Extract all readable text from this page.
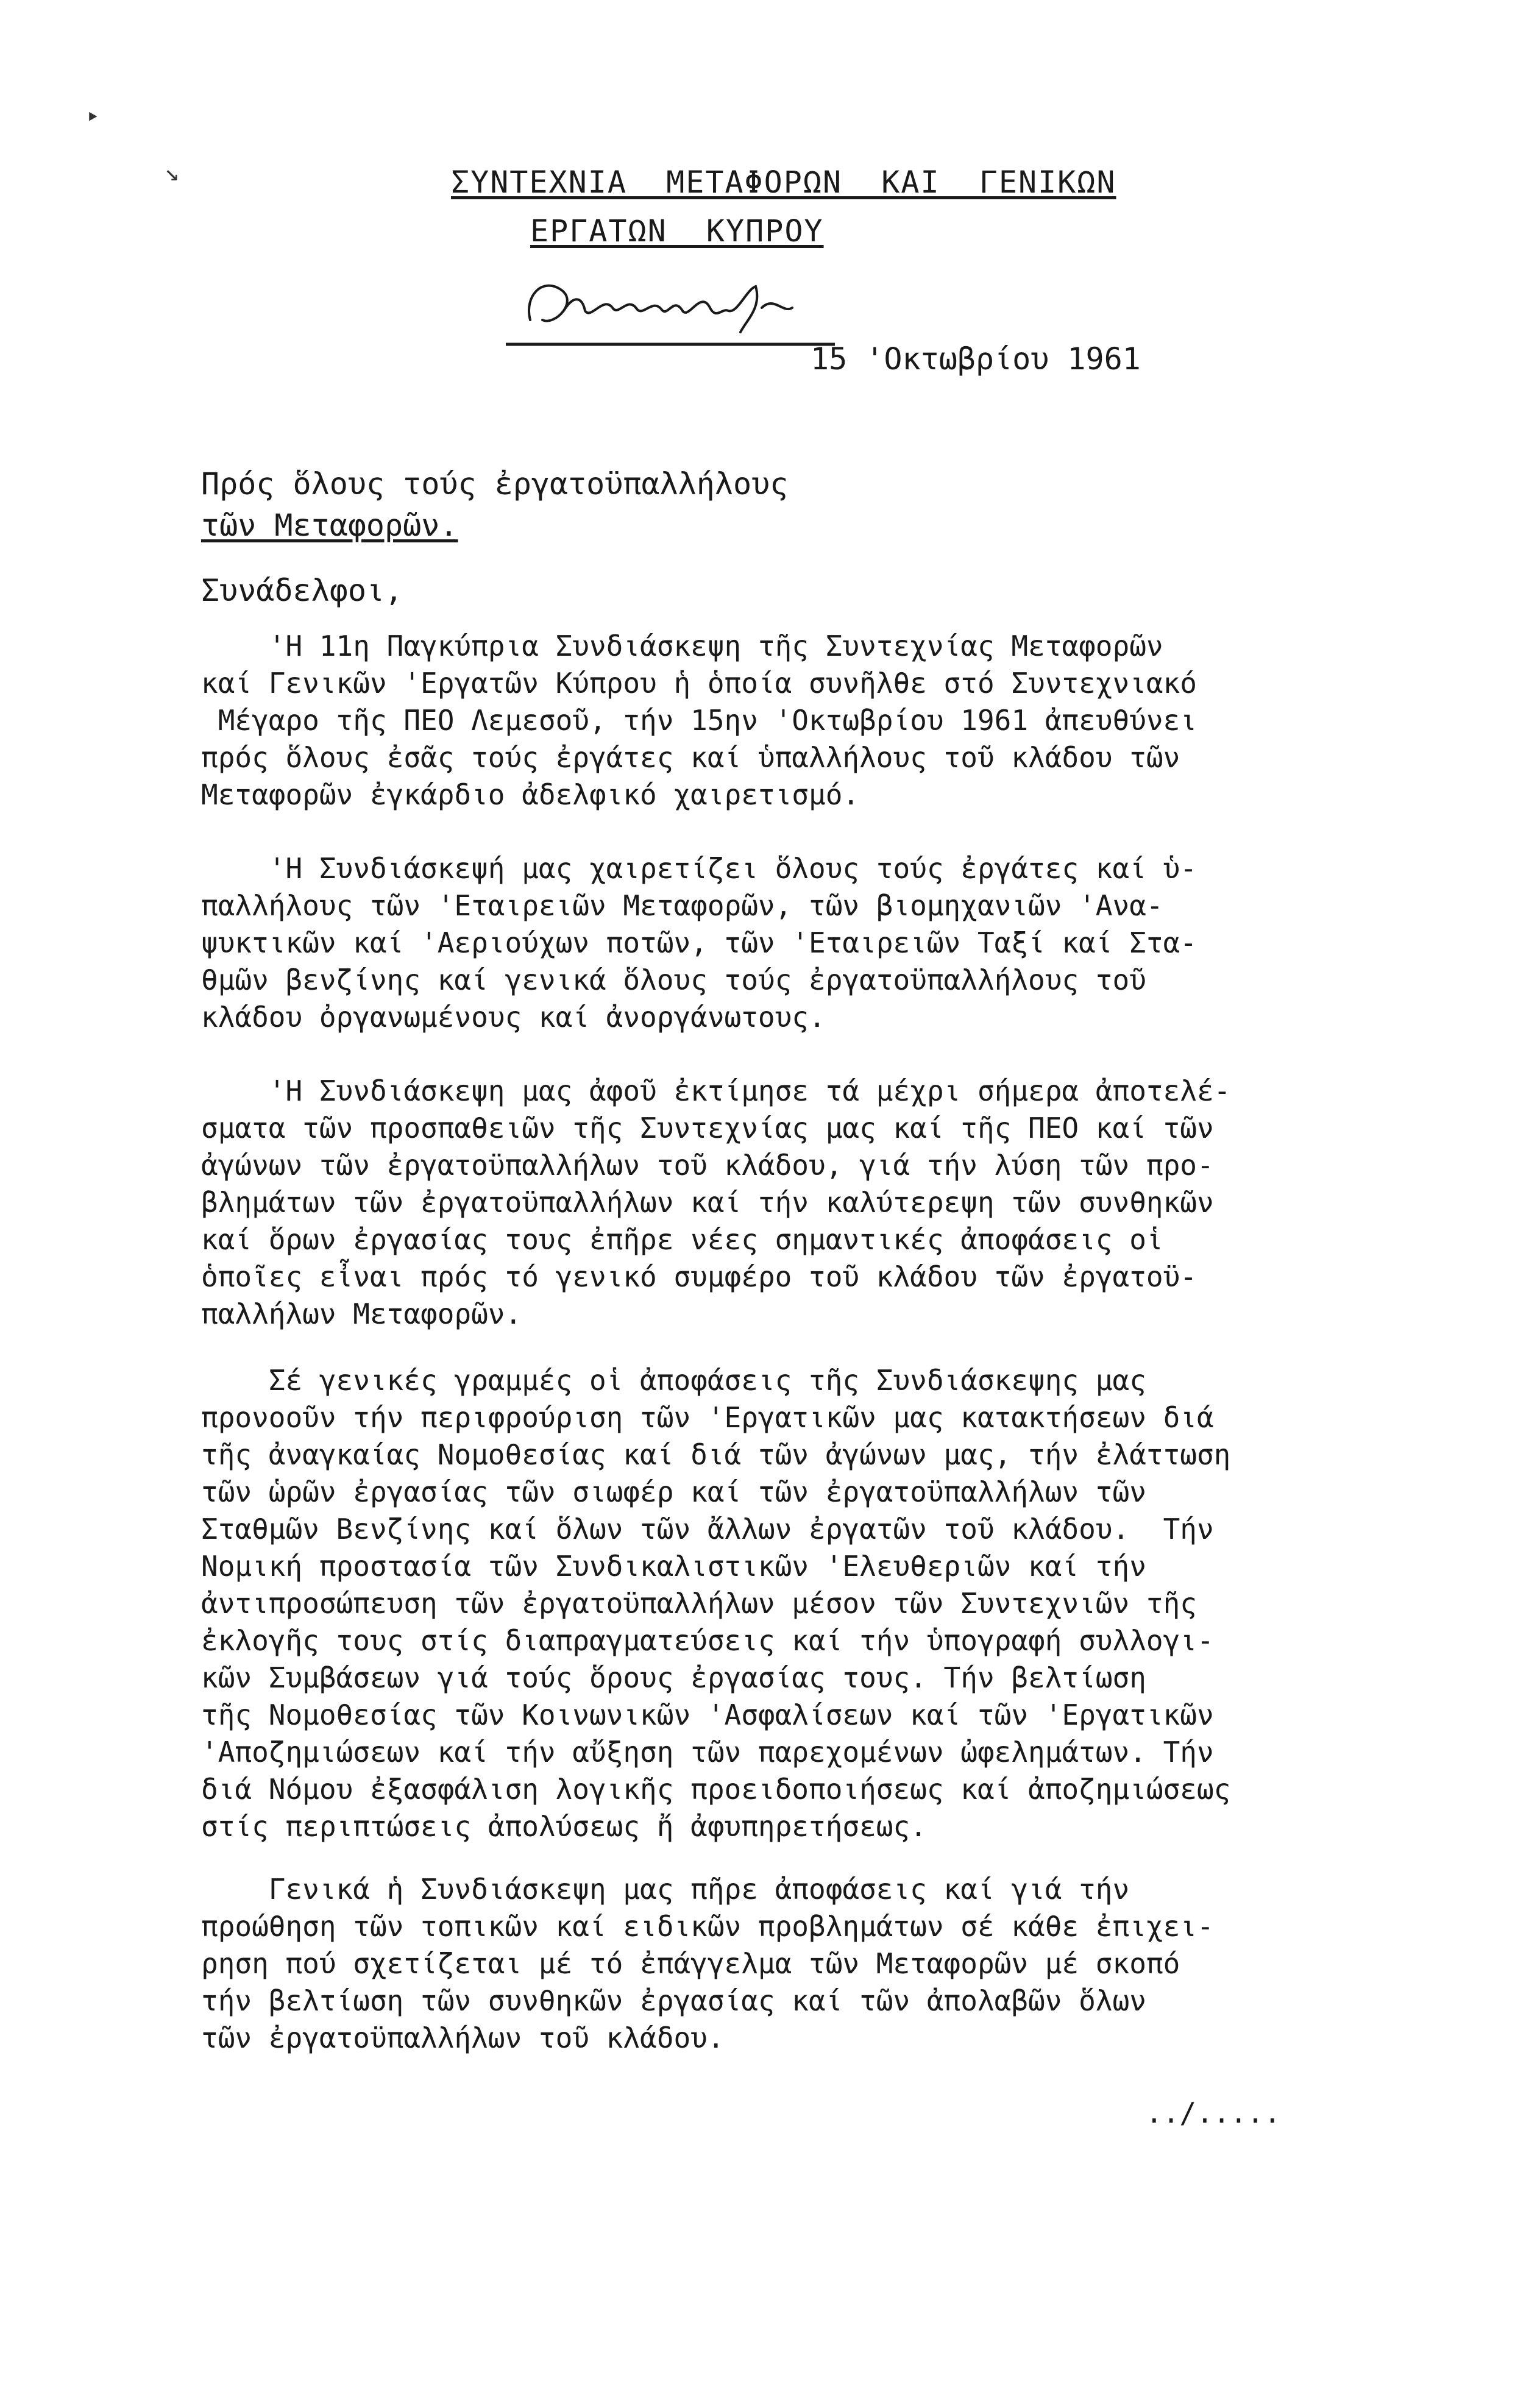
‣
↘	ΣΥΝΤΕΧΝΙΑ  ΜΕΤΑΦΟΡΩΝ  ΚΑΙ  ΓΕΝΙΚΩΝ
ΕΡΓΑΤΩΝ  ΚΥΠΡΟΥ
15 'Οκτωβρίου 1961
Πρός ὅλους τούς ἐργατοϋπαλλήλους
τῶν Μεταφορῶν.
Συνάδελφοι,
'Η 11η Παγκύπρια Συνδιάσκεψη τῆς Συντεχνίας Μεταφορῶν
καί Γενικῶν 'Εργατῶν Κύπρου ἡ ὁποία συνῆλθε στό Συντεχνιακό
Μέγαρο τῆς ΠΕΟ Λεμεσοῦ, τήν 15ην 'Οκτωβρίου 1961 ἀπευθύνει
πρός ὅλους ἐσᾶς τούς ἐργάτες καί ὑπαλλήλους τοῦ κλάδου τῶν
Μεταφορῶν ἐγκάρδιο ἀδελφικό χαιρετισμό.
'Η Συνδιάσκεψή μας χαιρετίζει ὅλους τούς ἐργάτες καί ὑ-
παλλήλους τῶν 'Εταιρειῶν Μεταφορῶν, τῶν βιομηχανιῶν 'Ανα-
ψυκτικῶν καί 'Αεριούχων ποτῶν, τῶν 'Εταιρειῶν Ταξί καί Στα-
θμῶν βενζίνης καί γενικά ὅλους τούς ἐργατοϋπαλλήλους τοῦ
κλάδου ὀργανωμένους καί ἀνοργάνωτους.
'Η Συνδιάσκεψη μας ἀφοῦ ἐκτίμησε τά μέχρι σήμερα ἀποτελέ-
σματα τῶν προσπαθειῶν τῆς Συντεχνίας μας καί τῆς ΠΕΟ καί τῶν
ἀγώνων τῶν ἐργατοϋπαλλήλων τοῦ κλάδου, γιά τήν λύση τῶν προ-
βλημάτων τῶν ἐργατοϋπαλλήλων καί τήν καλύτερεψη τῶν συνθηκῶν
καί ὅρων ἐργασίας τους ἐπῆρε νέες σημαντικές ἀποφάσεις οἱ
ὁποῖες εἶναι πρός τό γενικό συμφέρο τοῦ κλάδου τῶν ἐργατοϋ-
παλλήλων Μεταφορῶν.
Σέ γενικές γραμμές οἱ ἀποφάσεις τῆς Συνδιάσκεψης μας
προνοοῦν τήν περιφρούριση τῶν 'Εργατικῶν μας κατακτήσεων διά
τῆς ἀναγκαίας Νομοθεσίας καί διά τῶν ἀγώνων μας, τήν ἐλάττωση
τῶν ὡρῶν ἐργασίας τῶν σιωφέρ καί τῶν ἐργατοϋπαλλήλων τῶν
Σταθμῶν Βενζίνης καί ὅλων τῶν ἄλλων ἐργατῶν τοῦ κλάδου.  Τήν
Νομική προστασία τῶν Συνδικαλιστικῶν 'Ελευθεριῶν καί τήν
ἀντιπροσώπευση τῶν ἐργατοϋπαλλήλων μέσον τῶν Συντεχνιῶν τῆς
ἐκλογῆς τους στίς διαπραγματεύσεις καί τήν ὑπογραφή συλλογι-
κῶν Συμβάσεων γιά τούς ὅρους ἐργασίας τους. Τήν βελτίωση
τῆς Νομοθεσίας τῶν Κοινωνικῶν 'Ασφαλίσεων καί τῶν 'Εργατικῶν
'Αποζημιώσεων καί τήν αὔξηση τῶν παρεχομένων ὠφελημάτων. Τήν
διά Νόμου ἐξασφάλιση λογικῆς προειδοποιήσεως καί ἀποζημιώσεως
στίς περιπτώσεις ἀπολύσεως ἤ ἀφυπηρετήσεως.
Γενικά ἡ Συνδιάσκεψη μας πῆρε ἀποφάσεις καί γιά τήν
προώθηση τῶν τοπικῶν καί ειδικῶν προβλημάτων σέ κάθε ἐπιχει-
ρηση πού σχετίζεται μέ τό ἐπάγγελμα τῶν Μεταφορῶν μέ σκοπό
τήν βελτίωση τῶν συνθηκῶν ἐργασίας καί τῶν ἀπολαβῶν ὅλων
τῶν ἐργατοϋπαλλήλων τοῦ κλάδου.
../.....
